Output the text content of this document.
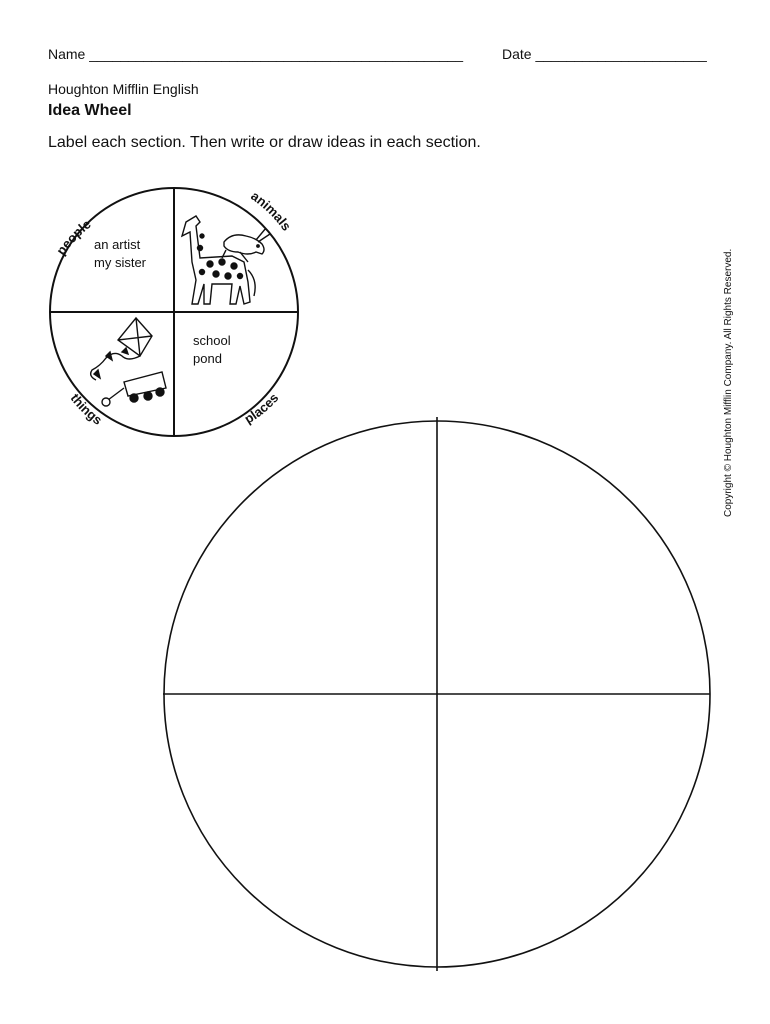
Name ________________________________________________	Date ______________________
Houghton Mifflin English
Idea Wheel
Label each section. Then write or draw ideas in each section.
people
animals
things	places
an artist
my sister
school
pond	Copyright © Houghton Mifflin Company. All Rights Reserved.
